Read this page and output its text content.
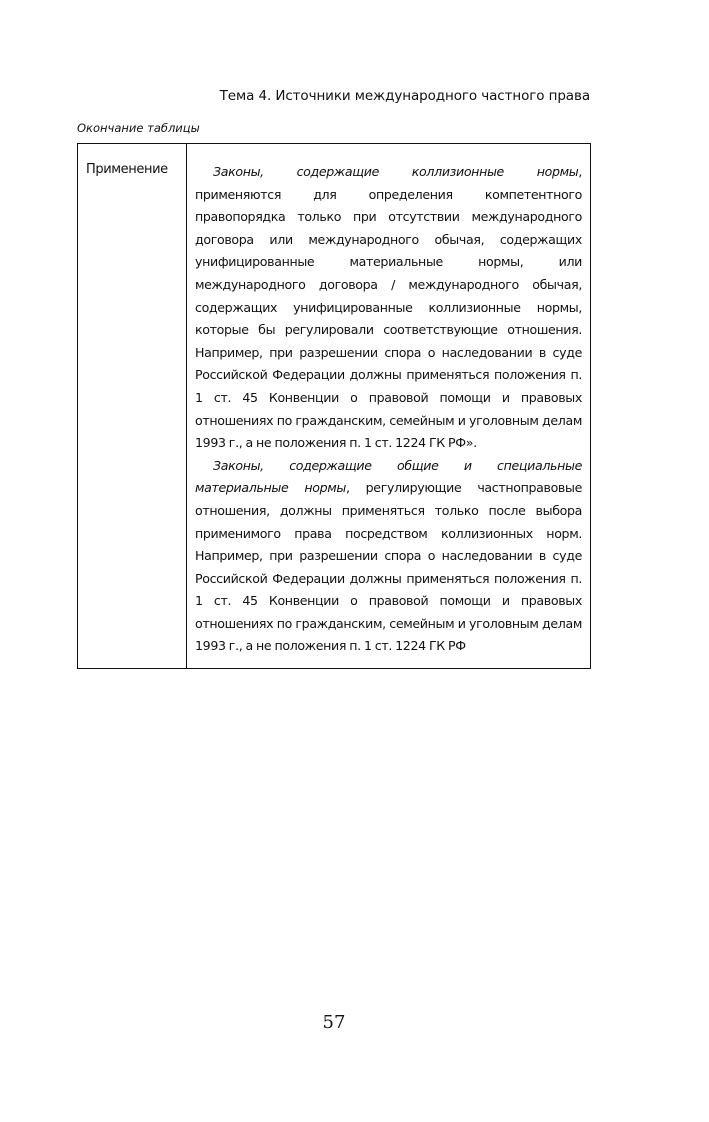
Тема 4. Источники международного частного права
Окончание таблицы
Применение	Законы, содержащие коллизионные нормы, применяются для определения компетентного правопорядка только при отсутствии международного договора или международного обычая, содержащих унифицированные материальные нормы, или международного договора / международного обычая, содержащих унифицированные коллизионные нормы, которые бы регулировали соответствующие отношения. Например, при разрешении спора о наследовании в суде Российской Федерации должны применяться положения п. 1 ст. 45 Конвенции о правовой помощи и правовых отношениях по гражданским, семейным и уголовным делам 1993 г., а не положения п. 1 ст. 1224 ГК РФ».

Законы, содержащие общие и специальные материальные нормы, регулирующие частноправовые отношения, должны применяться только после выбора применимого права посредством коллизионных норм. Например, при разрешении спора о наследовании в суде Российской Федерации должны применяться положения п. 1 ст. 45 Конвенции о правовой помощи и правовых отношениях по гражданским, семейным и уголовным делам 1993 г., а не положения п. 1 ст. 1224 ГК РФ

57
